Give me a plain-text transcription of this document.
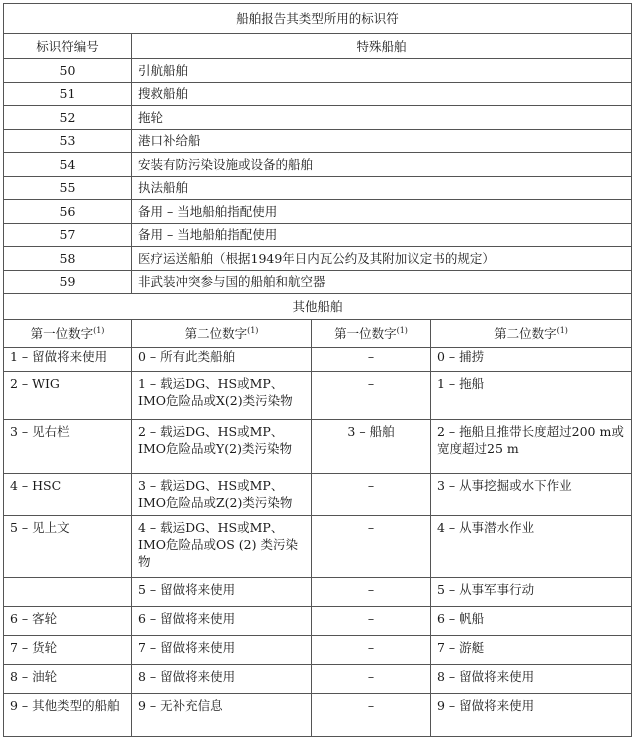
船舶报告其类型所用的标识符			
标识符编号	特殊船舶		
50	引航船舶		
51	搜救船舶		
52	拖轮		
53	港口补给船		
54	安装有防污染设施或设备的船舶		
55	执法船舶		
56	备用 – 当地船舶指配使用		
57	备用 – 当地船舶指配使用		
58	医疗运送船舶（根据1949年日内瓦公约及其附加议定书的规定）		
59	非武装冲突参与国的船舶和航空器		
其他船舶			
第一位数字$^{(1)}$	第二位数字$^{(1)}$	第一位数字$^{(1)}$	第二位数字$^{(1)}$
1 – 留做将来使用	0 – 所有此类船舶	–	0 – 捕捞
2 – WIG	1 – 载运DG、HS或MP、IMO危险品或X(2)类污染物	–	1 – 拖船
3 – 见右栏	2 – 载运DG、HS或MP、IMO危险品或Y(2)类污染物	3 – 船舶	2 – 拖船且推带长度超过200 m或宽度超过25 m
4 – HSC	3 – 载运DG、HS或MP、IMO危险品或Z(2)类污染物	–	3 – 从事挖掘或水下作业
5 – 见上文	4 – 载运DG、HS或MP、IMO危险品或OS (2) 类污染物	–	4 – 从事潜水作业
	5 – 留做将来使用	–	5 – 从事军事行动
6 – 客轮	6 – 留做将来使用	–	6 – 帆船
7 – 货轮	7 – 留做将来使用	–	7 – 游艇
8 – 油轮	8 – 留做将来使用	–	8 – 留做将来使用
9 – 其他类型的船舶	9 – 无补充信息	–	9 – 留做将来使用
